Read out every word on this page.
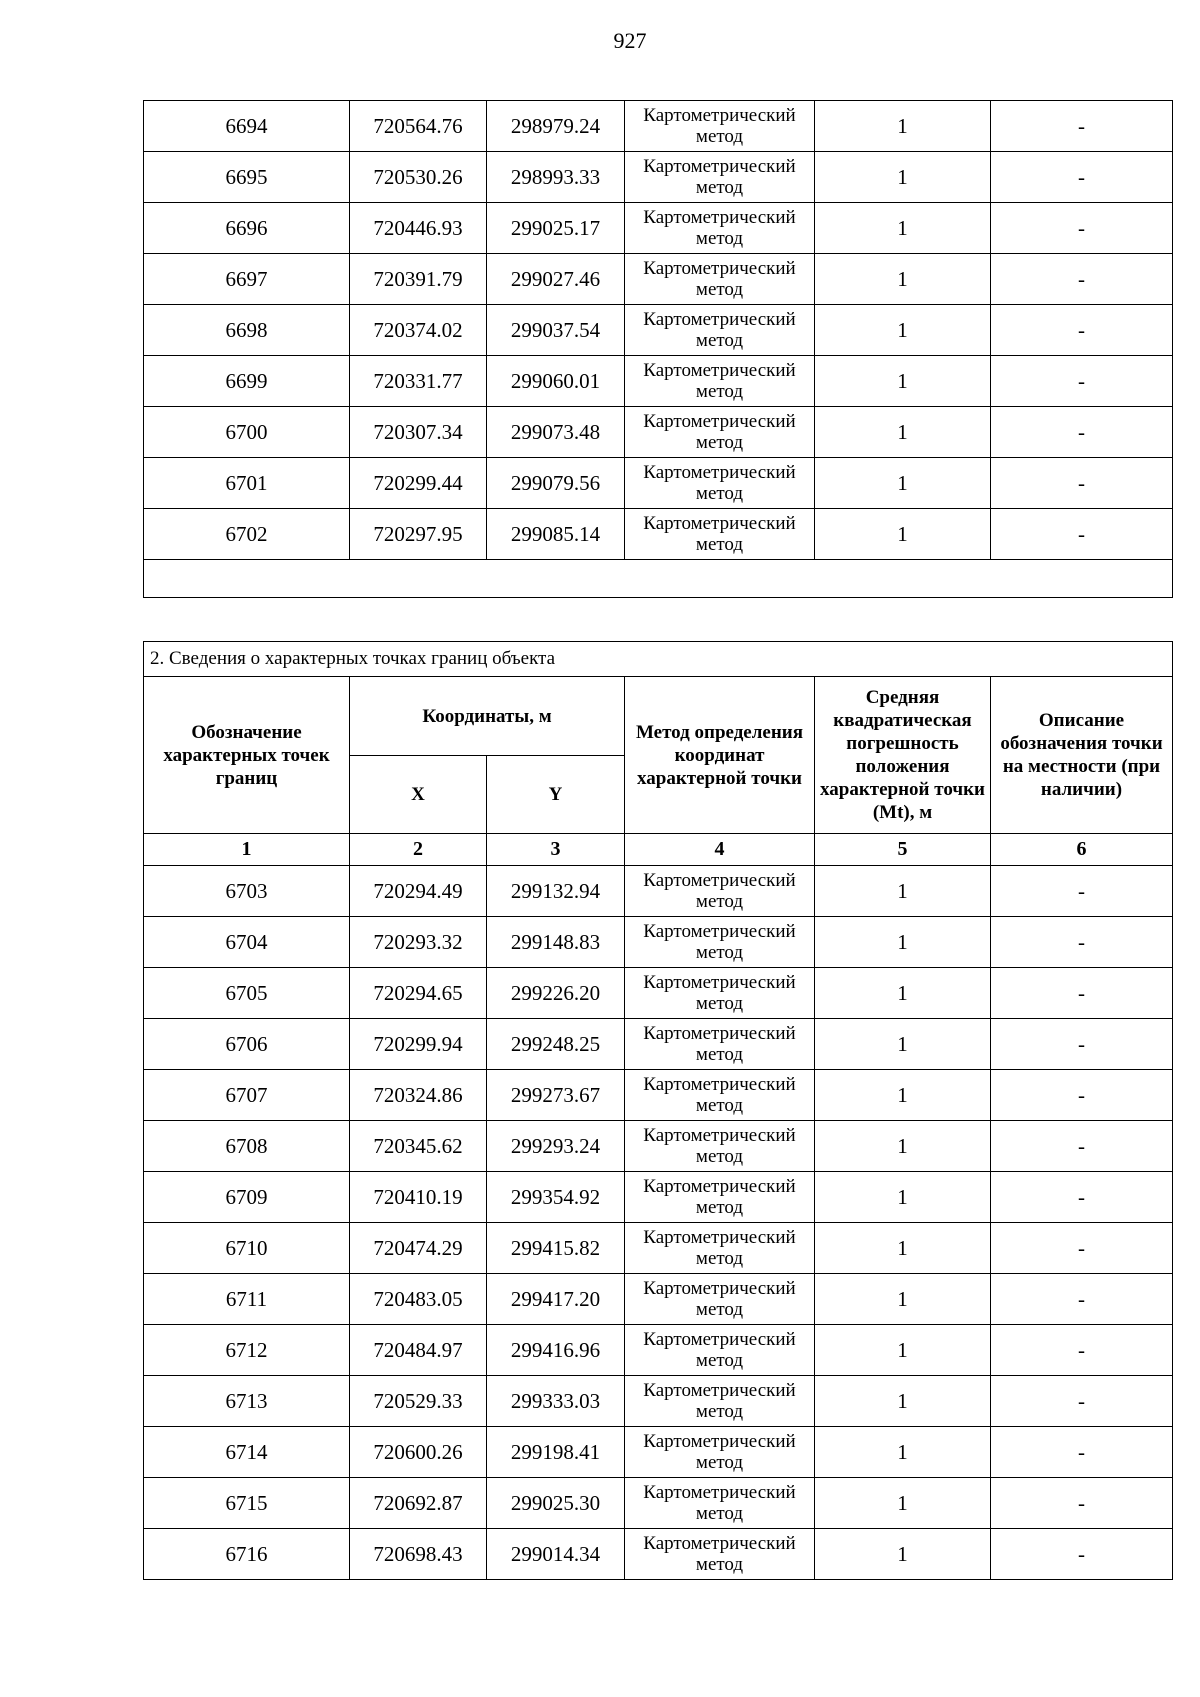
927
6694	720564.76	298979.24	Картометрический метод	1	-
6695	720530.26	298993.33	Картометрический метод	1	-
6696	720446.93	299025.17	Картометрический метод	1	-
6697	720391.79	299027.46	Картометрический метод	1	-
6698	720374.02	299037.54	Картометрический метод	1	-
6699	720331.77	299060.01	Картометрический метод	1	-
6700	720307.34	299073.48	Картометрический метод	1	-
6701	720299.44	299079.56	Картометрический метод	1	-
6702	720297.95	299085.14	Картометрический метод	1	-

2. Сведения о характерных точках границ объекта					
Обозначение характерных точек границ	Координаты, м		Метод определения координат характерной точки	Средняя квадратическая погрешность положения характерной точки (Mt), м	Описание обозначения точки на местности (при наличии)
	X	Y			
1	2	3	4	5	6
6703	720294.49	299132.94	Картометрический метод	1	-
6704	720293.32	299148.83	Картометрический метод	1	-
6705	720294.65	299226.20	Картометрический метод	1	-
6706	720299.94	299248.25	Картометрический метод	1	-
6707	720324.86	299273.67	Картометрический метод	1	-
6708	720345.62	299293.24	Картометрический метод	1	-
6709	720410.19	299354.92	Картометрический метод	1	-
6710	720474.29	299415.82	Картометрический метод	1	-
6711	720483.05	299417.20	Картометрический метод	1	-
6712	720484.97	299416.96	Картометрический метод	1	-
6713	720529.33	299333.03	Картометрический метод	1	-
6714	720600.26	299198.41	Картометрический метод	1	-
6715	720692.87	299025.30	Картометрический метод	1	-
6716	720698.43	299014.34	Картометрический метод	1	-
